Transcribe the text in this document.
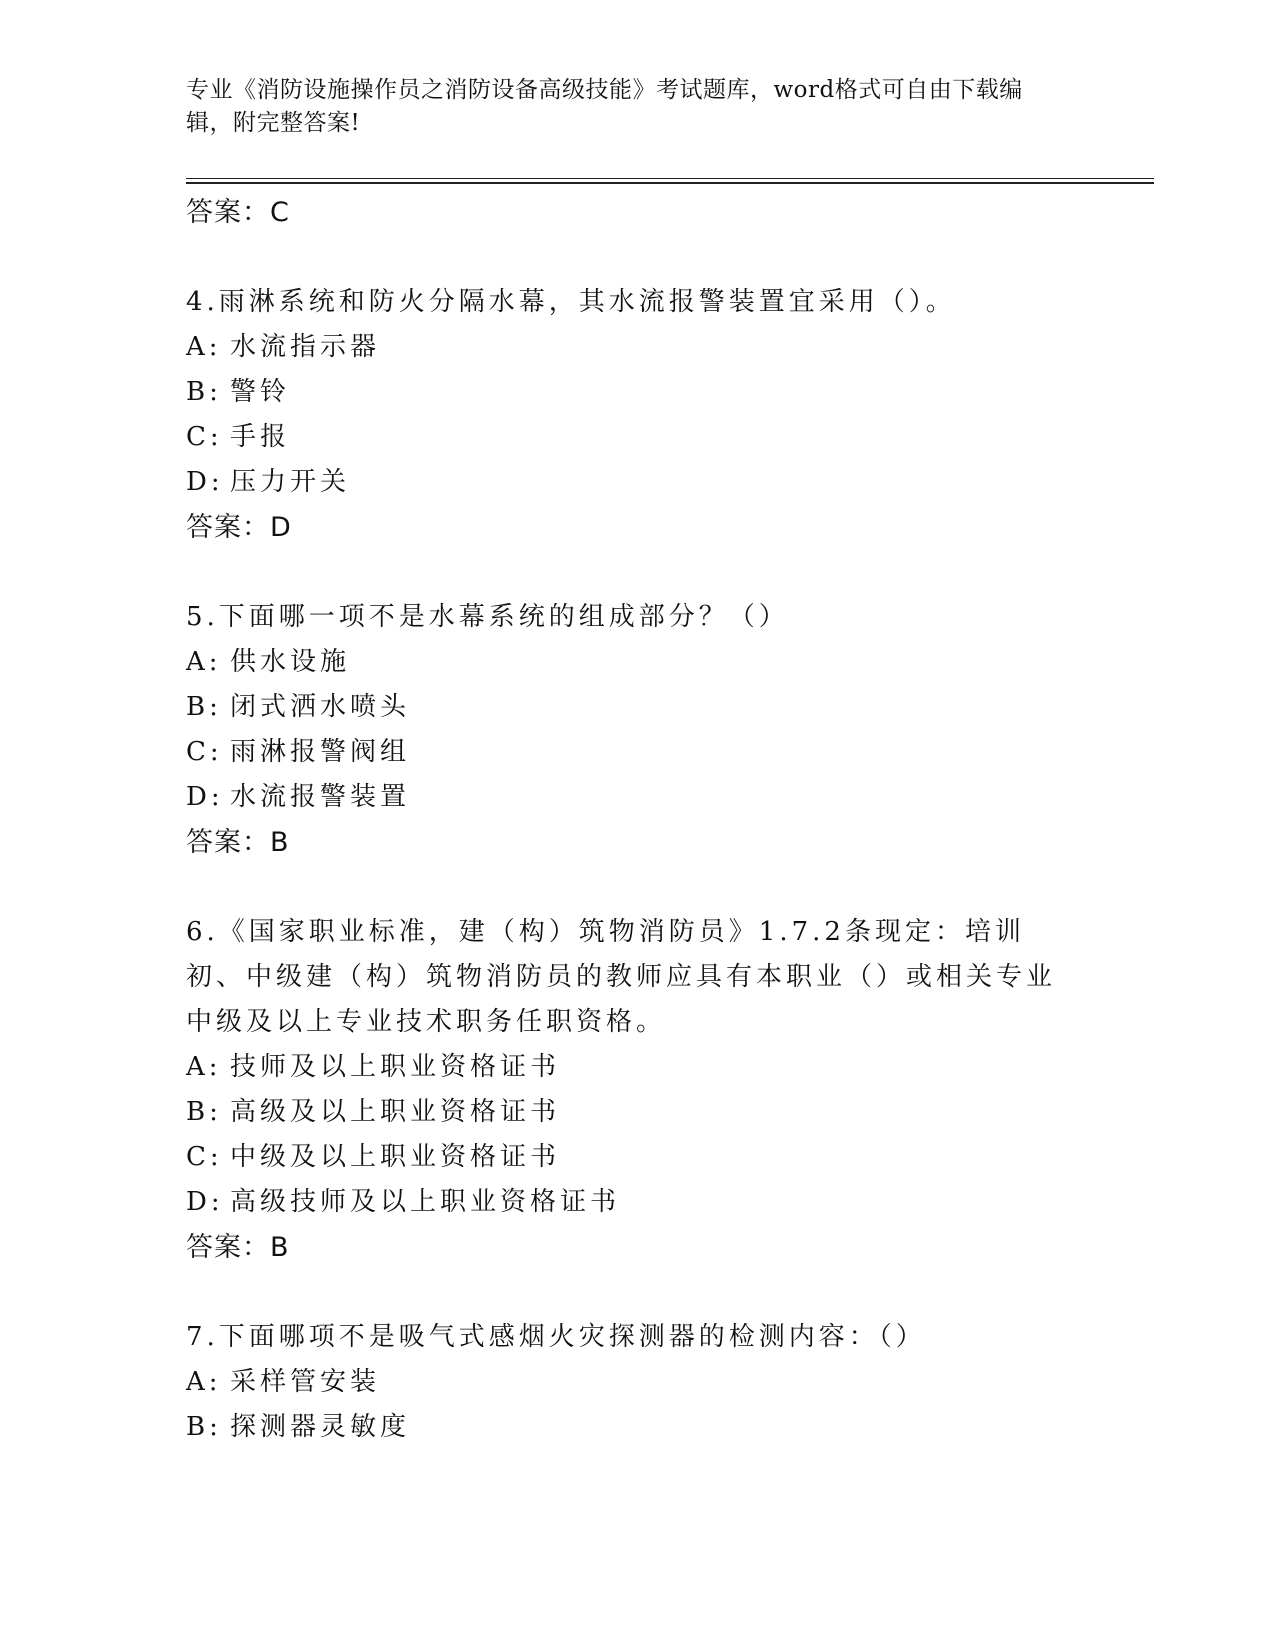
专业《消防设施操作员之消防设备高级技能》考试题库，word格式可自由下载编辑，附完整答案!
答案：C
4.雨淋系统和防火分隔水幕，其水流报警装置宜采用（）。
A: 水流指示器
B: 警铃
C: 手报
D: 压力开关
答案：D
5.下面哪一项不是水幕系统的组成部分？（）
A: 供水设施
B: 闭式洒水喷头
C: 雨淋报警阀组
D: 水流报警装置
答案：B
6.《国家职业标准，建（构）筑物消防员》1.7.2条现定：培训初、中级建（构）筑物消防员的教师应具有本职业（）或相关专业中级及以上专业技术职务任职资格。
A: 技师及以上职业资格证书
B: 高级及以上职业资格证书
C: 中级及以上职业资格证书
D: 高级技师及以上职业资格证书
答案：B
7.下面哪项不是吸气式感烟火灾探测器的检测内容：（）
A: 采样管安装
B: 探测器灵敏度
